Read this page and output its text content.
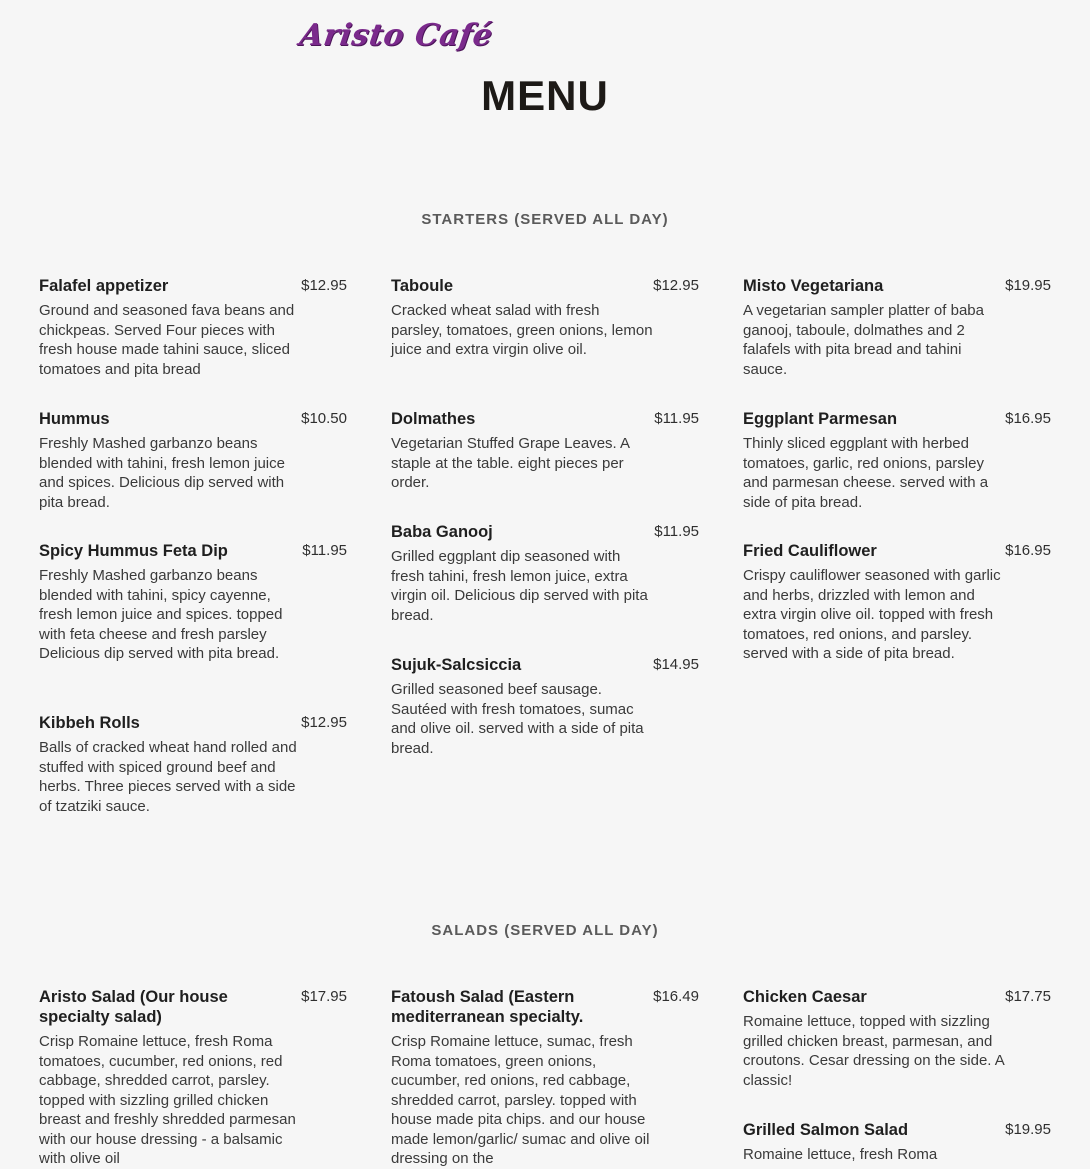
Aristo Café
MENU
STARTERS (SERVED ALL DAY)
Falafel appetizer	$12.95
Ground and seasoned fava beans and chickpeas. Served Four pieces with fresh house made tahini sauce, sliced tomatoes and pita bread
Hummus	$10.50
Freshly Mashed garbanzo beans blended with tahini, fresh lemon juice and spices. Delicious dip served with pita bread.
Spicy Hummus Feta Dip	$11.95
Freshly Mashed garbanzo beans blended with tahini, spicy cayenne, fresh lemon juice and spices. topped with feta cheese and fresh parsley Delicious dip served with pita bread.
Kibbeh Rolls	$12.95
Balls of cracked wheat hand rolled and stuffed with spiced ground beef and herbs. Three pieces served with a side of tzatziki sauce.
Taboule	$12.95
Cracked wheat salad with fresh parsley, tomatoes, green onions, lemon juice and extra virgin olive oil.
Dolmathes	$11.95
Vegetarian Stuffed Grape Leaves. A staple at the table. eight pieces per order.
Baba Ganooj	$11.95
Grilled eggplant dip seasoned with fresh tahini, fresh lemon juice, extra virgin oil. Delicious dip served with pita bread.
Sujuk-Salcsiccia	$14.95
Grilled seasoned beef sausage. Sautéed with fresh tomatoes, sumac and olive oil. served with a side of pita bread.
Misto Vegetariana	$19.95
A vegetarian sampler platter of baba ganooj, taboule, dolmathes and 2 falafels with pita bread and tahini sauce.
Eggplant Parmesan	$16.95
Thinly sliced eggplant with herbed tomatoes, garlic, red onions, parsley and parmesan cheese. served with a side of pita bread.
Fried Cauliflower	$16.95
Crispy cauliflower seasoned with garlic and herbs, drizzled with lemon and extra virgin olive oil. topped with fresh tomatoes, red onions, and parsley. served with a side of pita bread.
SALADS (SERVED ALL DAY)
Aristo Salad (Our house specialty salad)
$17.95
Crisp Romaine lettuce, fresh Roma tomatoes, cucumber, red onions, red cabbage, shredded carrot, parsley. topped with sizzling grilled chicken breast and freshly shredded parmesan with our house dressing - a balsamic with olive oil
Fatoush Salad (Eastern mediterranean specialty.
$16.49
Crisp Romaine lettuce, sumac, fresh Roma tomatoes, green onions, cucumber, red onions, red cabbage, shredded carrot, parsley. topped with house made pita chips. and our house made lemon/garlic/ sumac and olive oil dressing on the
Chicken Caesar	$17.75
Romaine lettuce, topped with sizzling grilled chicken breast, parmesan, and croutons. Cesar dressing on the side. A classic!
Grilled Salmon Salad	$19.95
Romaine lettuce, fresh Roma
